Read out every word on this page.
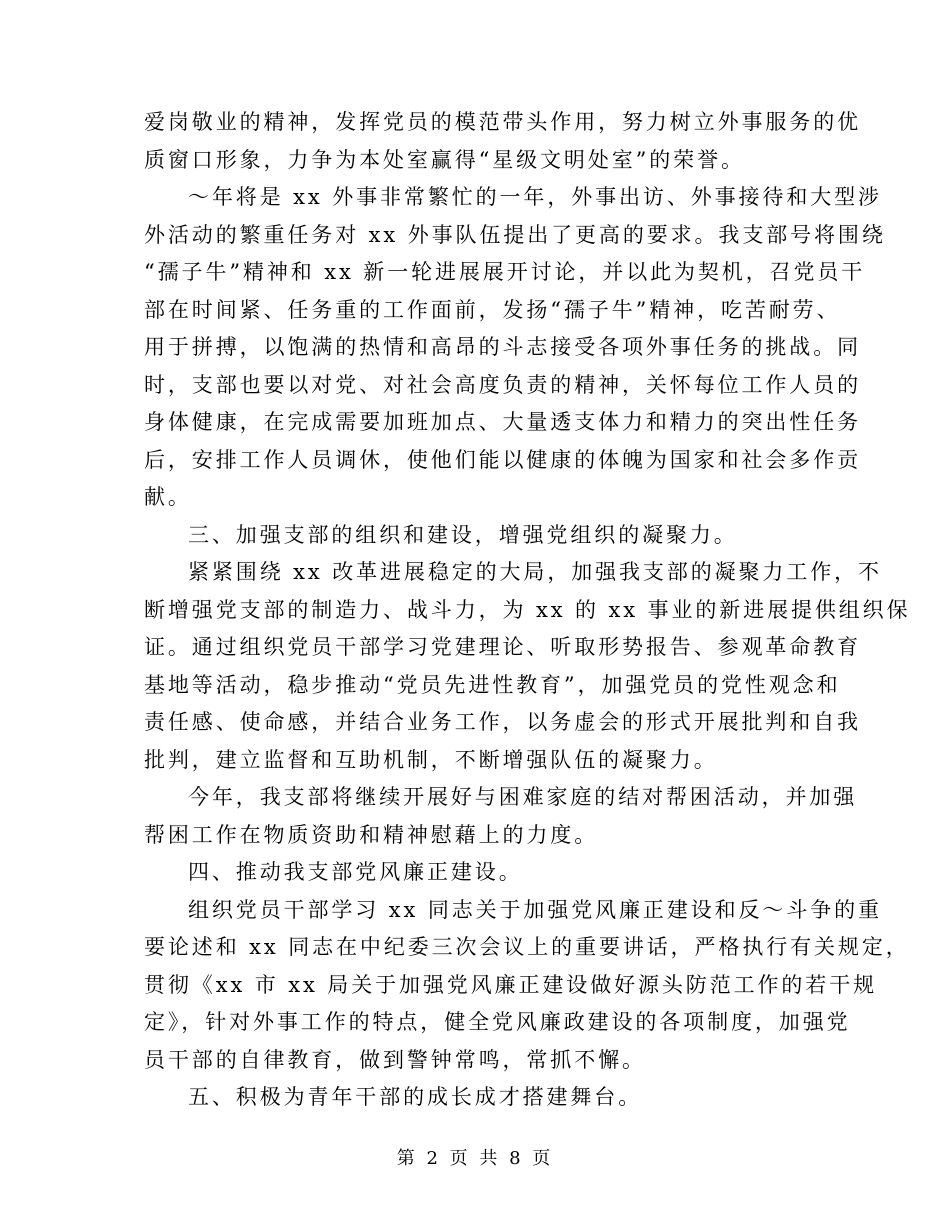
爱岗敬业的精神，发挥党员的模范带头作用，努力树立外事服务的优
质窗口形象，力争为本处室赢得“星级文明处室”的荣誉。
～年将是 xx 外事非常繁忙的一年，外事出访、外事接待和大型涉
外活动的繁重任务对 xx 外事队伍提出了更高的要求。我支部号将围绕
“孺子牛”精神和 xx 新一轮进展展开讨论，并以此为契机，召党员干
部在时间紧、任务重的工作面前，发扬“孺子牛”精神，吃苦耐劳、
用于拼搏，以饱满的热情和高昂的斗志接受各项外事任务的挑战。同
时，支部也要以对党、对社会高度负责的精神，关怀每位工作人员的
身体健康，在完成需要加班加点、大量透支体力和精力的突出性任务
后，安排工作人员调休，使他们能以健康的体魄为国家和社会多作贡
献。
三、加强支部的组织和建设，增强党组织的凝聚力。
紧紧围绕 xx 改革进展稳定的大局，加强我支部的凝聚力工作，不
断增强党支部的制造力、战斗力，为 xx 的 xx 事业的新进展提供组织保
证。通过组织党员干部学习党建理论、听取形势报告、参观革命教育
基地等活动，稳步推动“党员先进性教育”，加强党员的党性观念和
责任感、使命感，并结合业务工作，以务虚会的形式开展批判和自我
批判，建立监督和互助机制，不断增强队伍的凝聚力。
今年，我支部将继续开展好与困难家庭的结对帮困活动，并加强
帮困工作在物质资助和精神慰藉上的力度。
四、推动我支部党风廉正建设。
组织党员干部学习 xx 同志关于加强党风廉正建设和反～斗争的重
要论述和 xx 同志在中纪委三次会议上的重要讲话，严格执行有关规定，
贯彻《xx 市 xx 局关于加强党风廉正建设做好源头防范工作的若干规
定》，针对外事工作的特点，健全党风廉政建设的各项制度，加强党
员干部的自律教育，做到警钟常鸣，常抓不懈。
五、积极为青年干部的成长成才搭建舞台。
第 2 页 共 8 页
